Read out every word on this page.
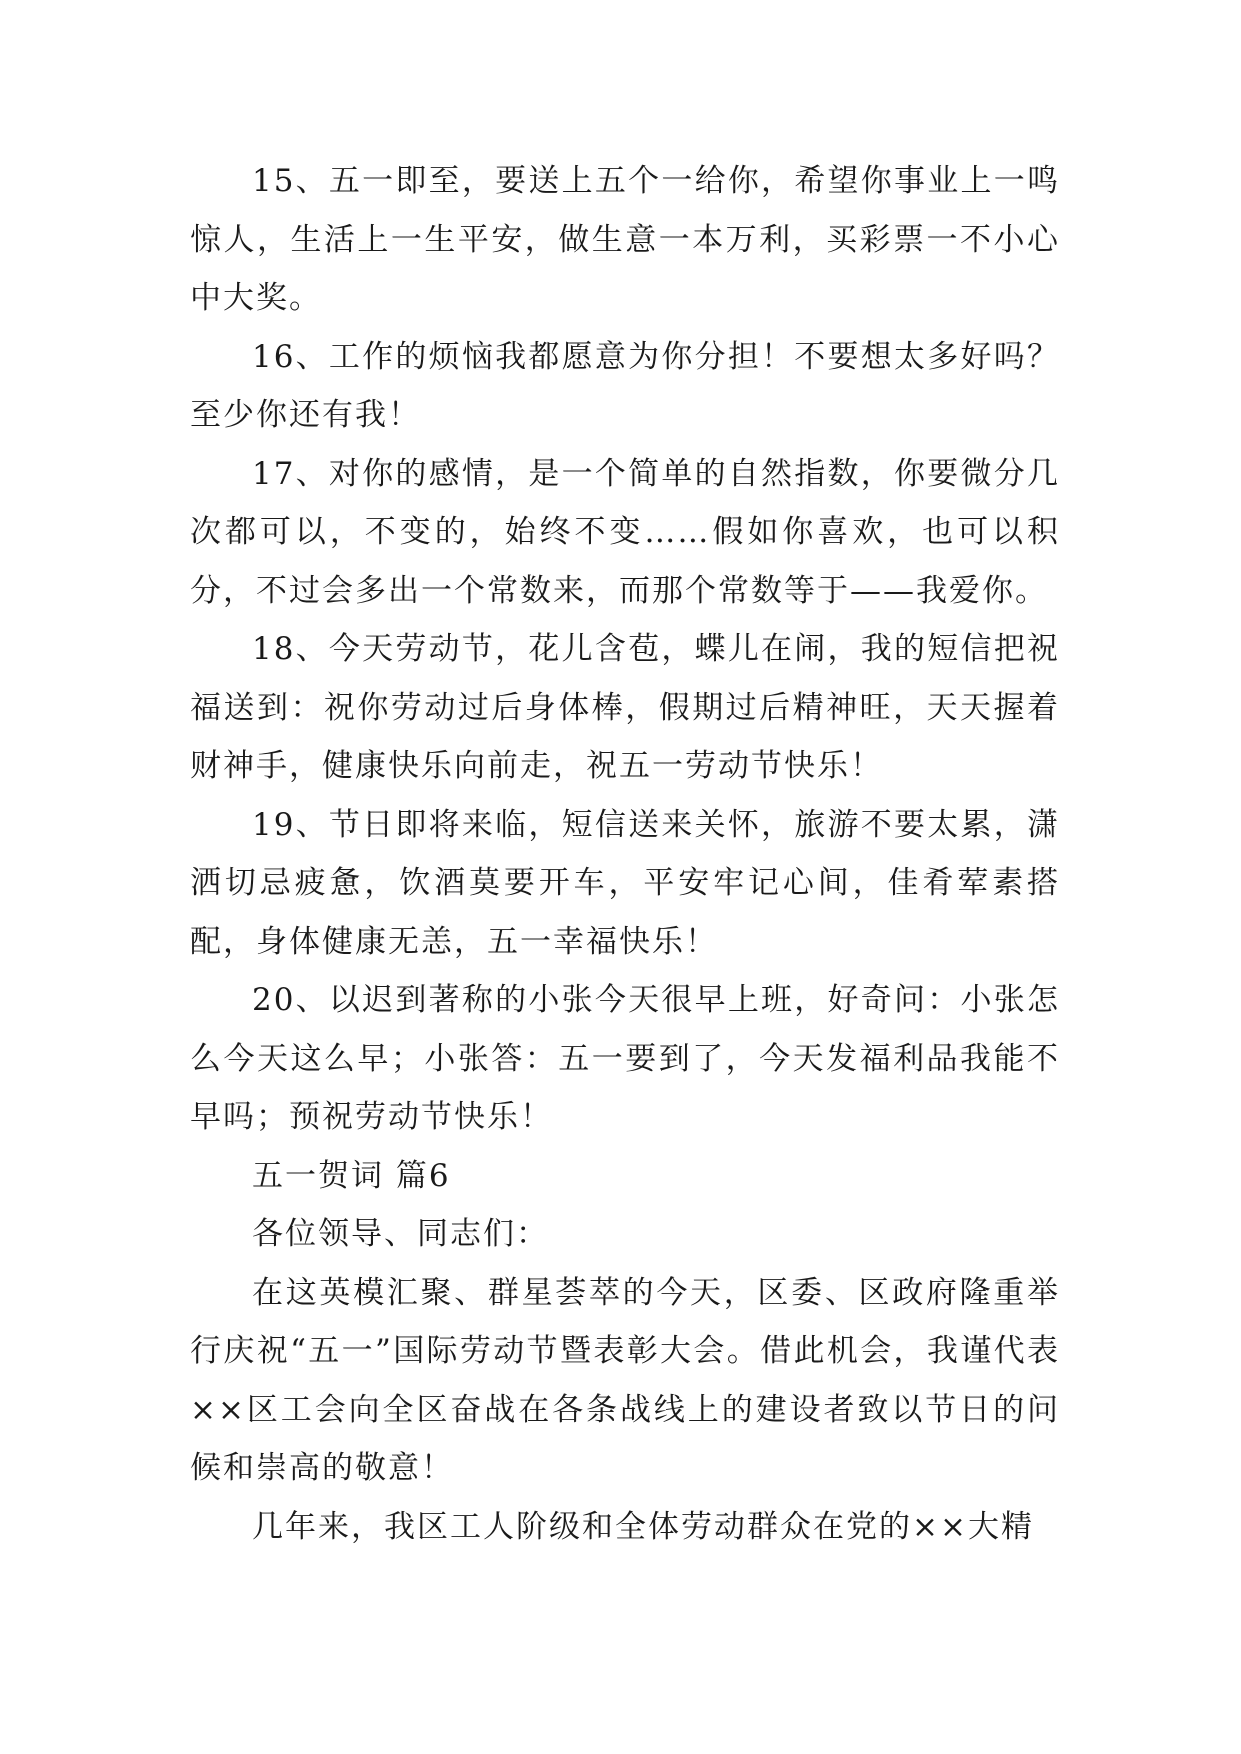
15、五一即至，要送上五个一给你，希望你事业上一鸣惊人，生活上一生平安，做生意一本万利，买彩票一不小心中大奖。

16、工作的烦恼我都愿意为你分担！不要想太多好吗？至少你还有我！

17、对你的感情，是一个简单的自然指数，你要微分几次都可以，不变的，始终不变……假如你喜欢，也可以积分，不过会多出一个常数来，而那个常数等于——我爱你。

18、今天劳动节，花儿含苞，蝶儿在闹，我的短信把祝福送到：祝你劳动过后身体棒，假期过后精神旺，天天握着财神手，健康快乐向前走，祝五一劳动节快乐！

19、节日即将来临，短信送来关怀，旅游不要太累，潇洒切忌疲惫，饮酒莫要开车，平安牢记心间，佳肴荤素搭配，身体健康无恙，五一幸福快乐！

20、以迟到著称的小张今天很早上班，好奇问：小张怎么今天这么早；小张答：五一要到了，今天发福利品我能不早吗；预祝劳动节快乐！

五一贺词 篇6

各位领导、同志们：

在这英模汇聚、群星荟萃的今天，区委、区政府隆重举行庆祝“五一”国际劳动节暨表彰大会。借此机会，我谨代表××区工会向全区奋战在各条战线上的建设者致以节日的问候和崇高的敬意！

几年来，我区工人阶级和全体劳动群众在党的××大精
